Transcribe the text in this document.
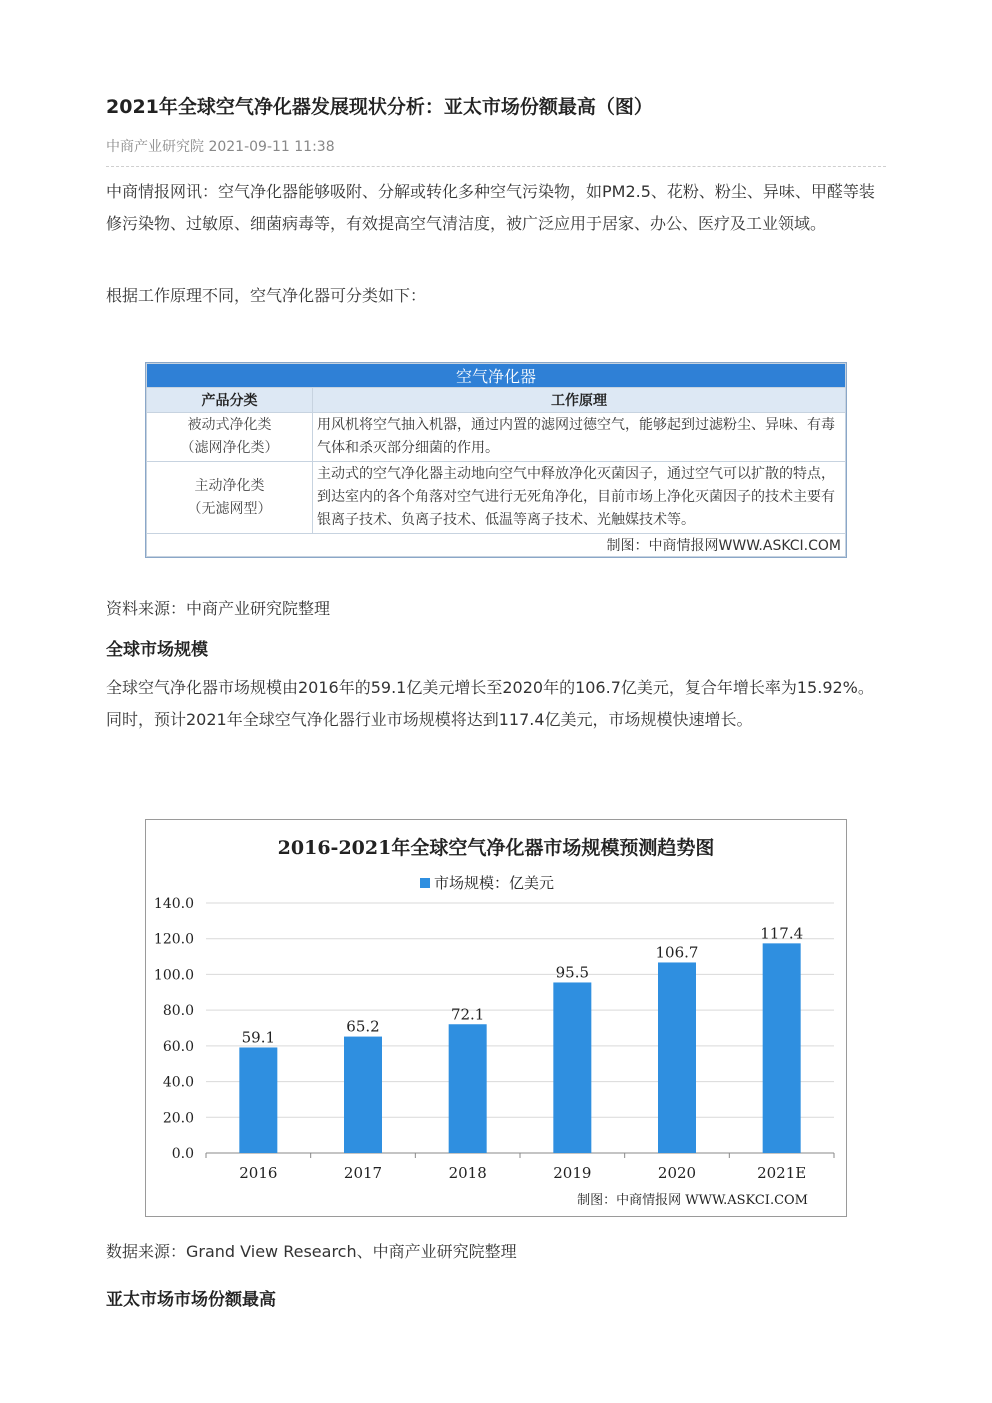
2021年全球空气净化器发展现状分析：亚太市场份额最高（图）
中商产业研究院 2021-09-11 11:38
中商情报网讯：空气净化器能够吸附、分解或转化多种空气污染物，如PM2.5、花粉、粉尘、异味、甲醛等装修污染物、过敏原、细菌病毒等，有效提高空气清洁度，被广泛应用于居家、办公、医疗及工业领域。
根据工作原理不同，空气净化器可分类如下：
空气净化器	
产品分类	工作原理

被动式净化类
（滤网净化类）	用风机将空气抽入机器，通过内置的滤网过德空气，能够起到过滤粉尘、异味、有毒气体和杀灭部分细菌的作用。

主动净化类
（无滤网型）	主动式的空气净化器主动地向空气中释放净化灭菌因子，通过空气可以扩散的特点，到达室内的各个角落对空气进行无死角净化，目前市场上净化灭菌因子的技术主要有银离子技术、负离子技术、低温等离子技术、光触媒技术等。
制图：中商情报网WWW.ASKCI.COM	
资料来源：中商产业研究院整理
全球市场规模
全球空气净化器市场规模由2016年的59.1亿美元增长至2020年的106.7亿美元，复合年增长率为15.92%。同时，预计2021年全球空气净化器行业市场规模将达到117.4亿美元，市场规模快速增长。
2016-2021年全球空气净化器市场规模预测趋势图
市场规模：亿美元
0.0
20.0
40.0
60.0
80.0
100.0
120.0
140.0
59.1
65.2
72.1
95.5
106.7
117.4
2016	2017	2018	2019	2020	2021E
制图：中商情报网 WWW.ASKCI.COM
数据来源：Grand View Research、中商产业研究院整理
亚太市场市场份额最高
